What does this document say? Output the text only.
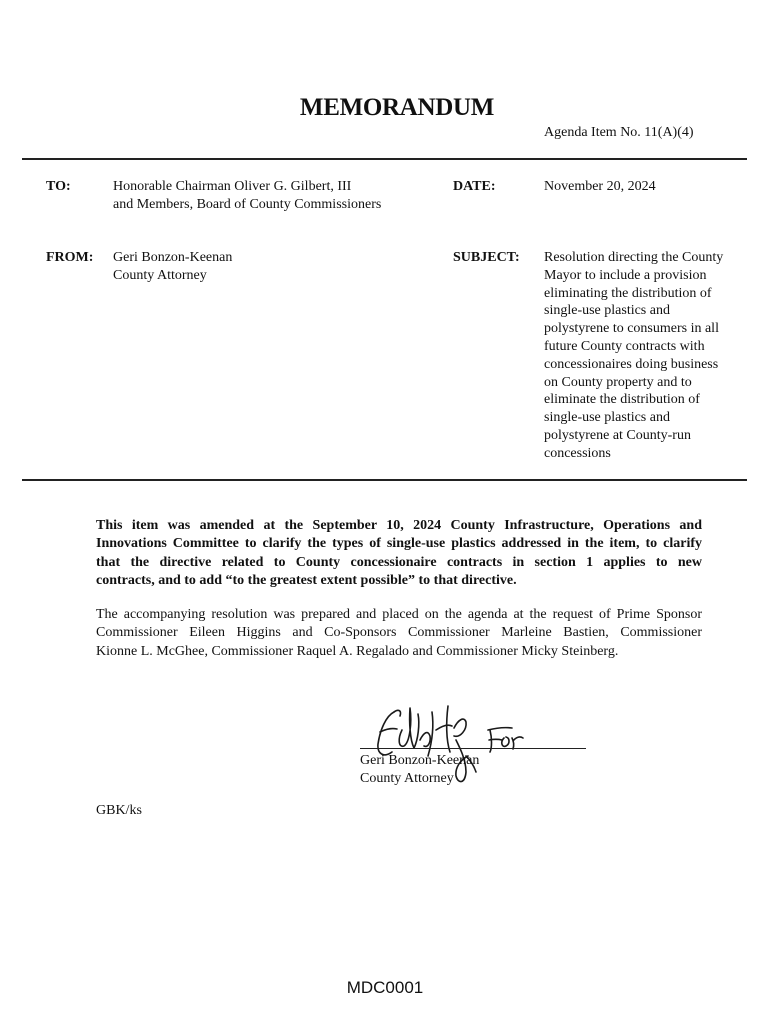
MEMORANDUM
Agenda Item No. 11(A)(4)
TO:	Honorable Chairman Oliver G. Gilbert, III
and Members, Board of County Commissioners
DATE:	November 20, 2024
FROM: Geri Bonzon-Keenan
County Attorney
SUBJECT: Resolution directing the County
Mayor to include a provision
eliminating the distribution of
single-use plastics and
polystyrene to consumers in all
future County contracts with
concessionaires doing business
on County property and to
eliminate the distribution of
single-use plastics and
polystyrene at County-run
concessions
This item was amended at the September 10, 2024 County Infrastructure, Operations and
Innovations Committee to clarify the types of single-use plastics addressed in the item, to clarify
that the directive related to County concessionaire contracts in section 1 applies to new
contracts, and to add “to the greatest extent possible” to that directive.
The accompanying resolution was prepared and placed on the agenda at the request of Prime Sponsor
Commissioner Eileen Higgins and Co-Sponsors Commissioner Marleine Bastien, Commissioner
Kionne L. McGhee, Commissioner Raquel A. Regalado and Commissioner Micky Steinberg.
Geri Bonzon-Keenan
County Attorney
GBK/ks
MDC0001
